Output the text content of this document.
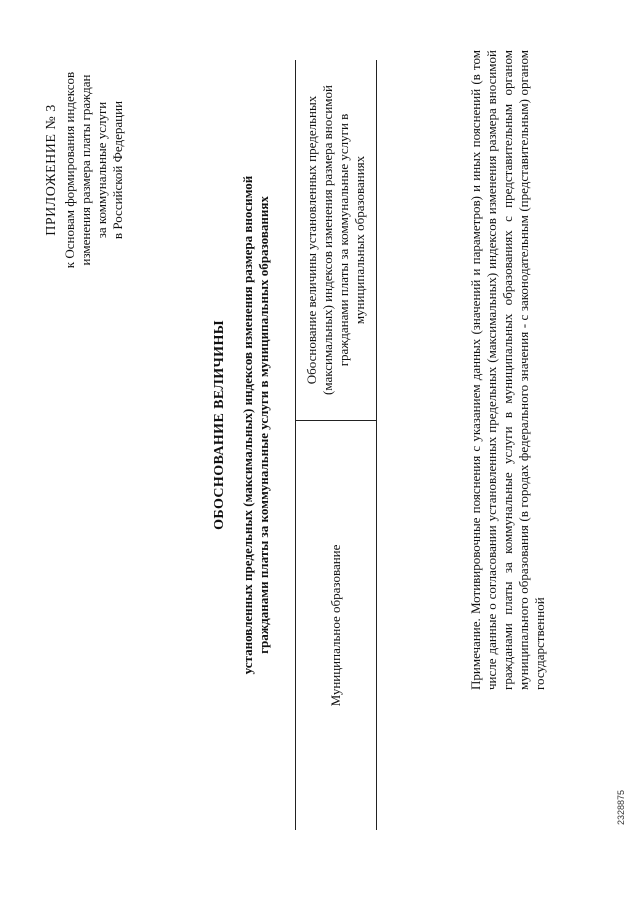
ПРИЛОЖЕНИЕ № 3 к Основам формирования индексов изменения размера платы граждан за коммунальные услуги в Российской Федерации
ОБОСНОВАНИЕ ВЕЛИЧИНЫ установленных предельных (максимальных) индексов изменения размера вносимой гражданами платы за коммунальные услуги в муниципальных образованиях	Муниципальное образование
Обоснование величины установленных предельных (максимальных) индексов изменения размера вносимой гражданами платы за коммунальные услуги в муниципальных образованиях	Примечание. Мотивировочные пояснения с указанием данных (значений и параметров) и иных пояснений (в том числе данные о согласовании установленных предельных (максимальных) индексов изменения размера вносимой гражданами платы за коммунальные услуги в муниципальных образованиях с представительным органом муниципального образования (в городах федерального значения - с законодательным (представительным) органом государственной
2328875
